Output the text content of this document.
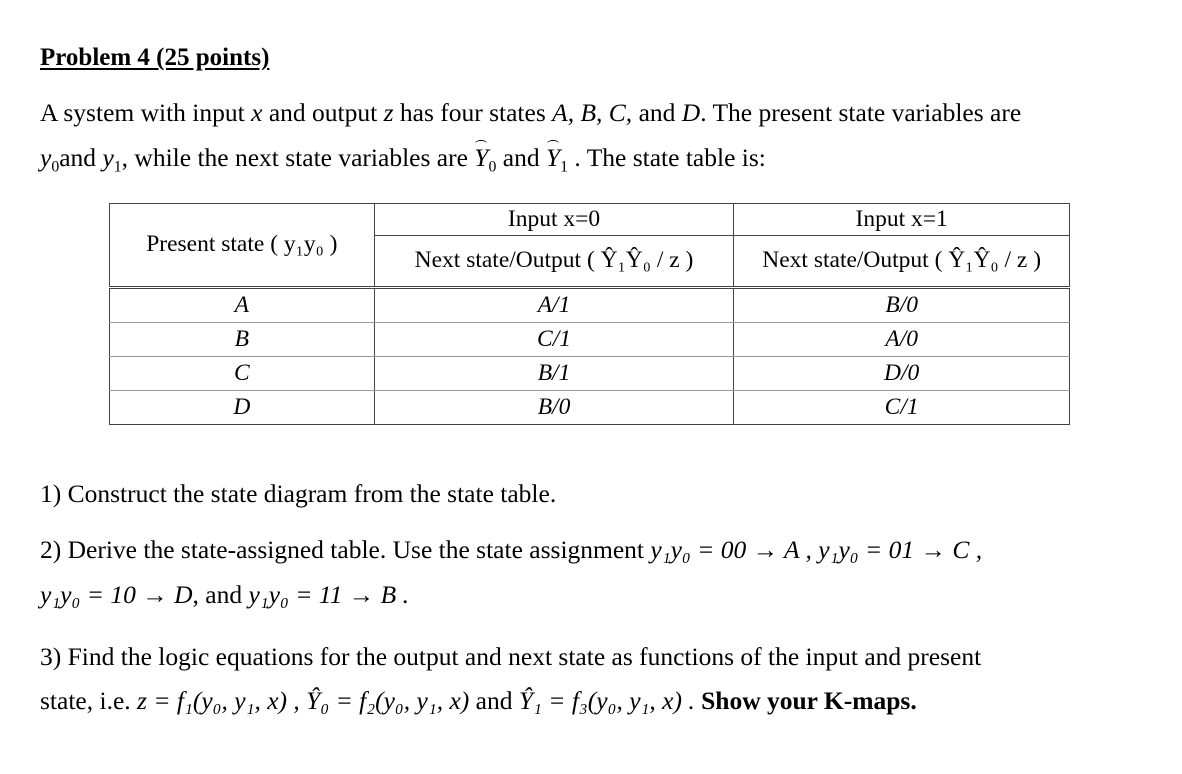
Problem 4 (25 points)
A system with input x and output z has four states A, B, C, and D. The present state variables are
$y_0and$ $y_1$, while the next state variables are $Y_0$ and $Y_1$ . The state table is:
Present state ( y₁y₀ )	Input x=0	Input x=1
	Next state/Output ( Ŷ₁Ŷ₀ / z )	Next state/Output ( Ŷ₁Ŷ₀ / z )
A	A/1	B/0
B	C/1	A/0
C	B/1	D/0
D	B/0	C/1
1) Construct the state diagram from the state table.
2) Derive the state-assigned table. Use the state assignment y₁y₀ = 00 → A , y₁y₀ = 01 → C ,
y₁y₀ = 10 → D, and y₁y₀ = 11 → B .
3) Find the logic equations for the output and next state as functions of the input and present
state, i.e. z = f₁(y₀, y₁, x) , Ŷ₀ = f₂(y₀, y₁, x) and Ŷ₁ = f₃(y₀, y₁, x) . Show your K-maps.
